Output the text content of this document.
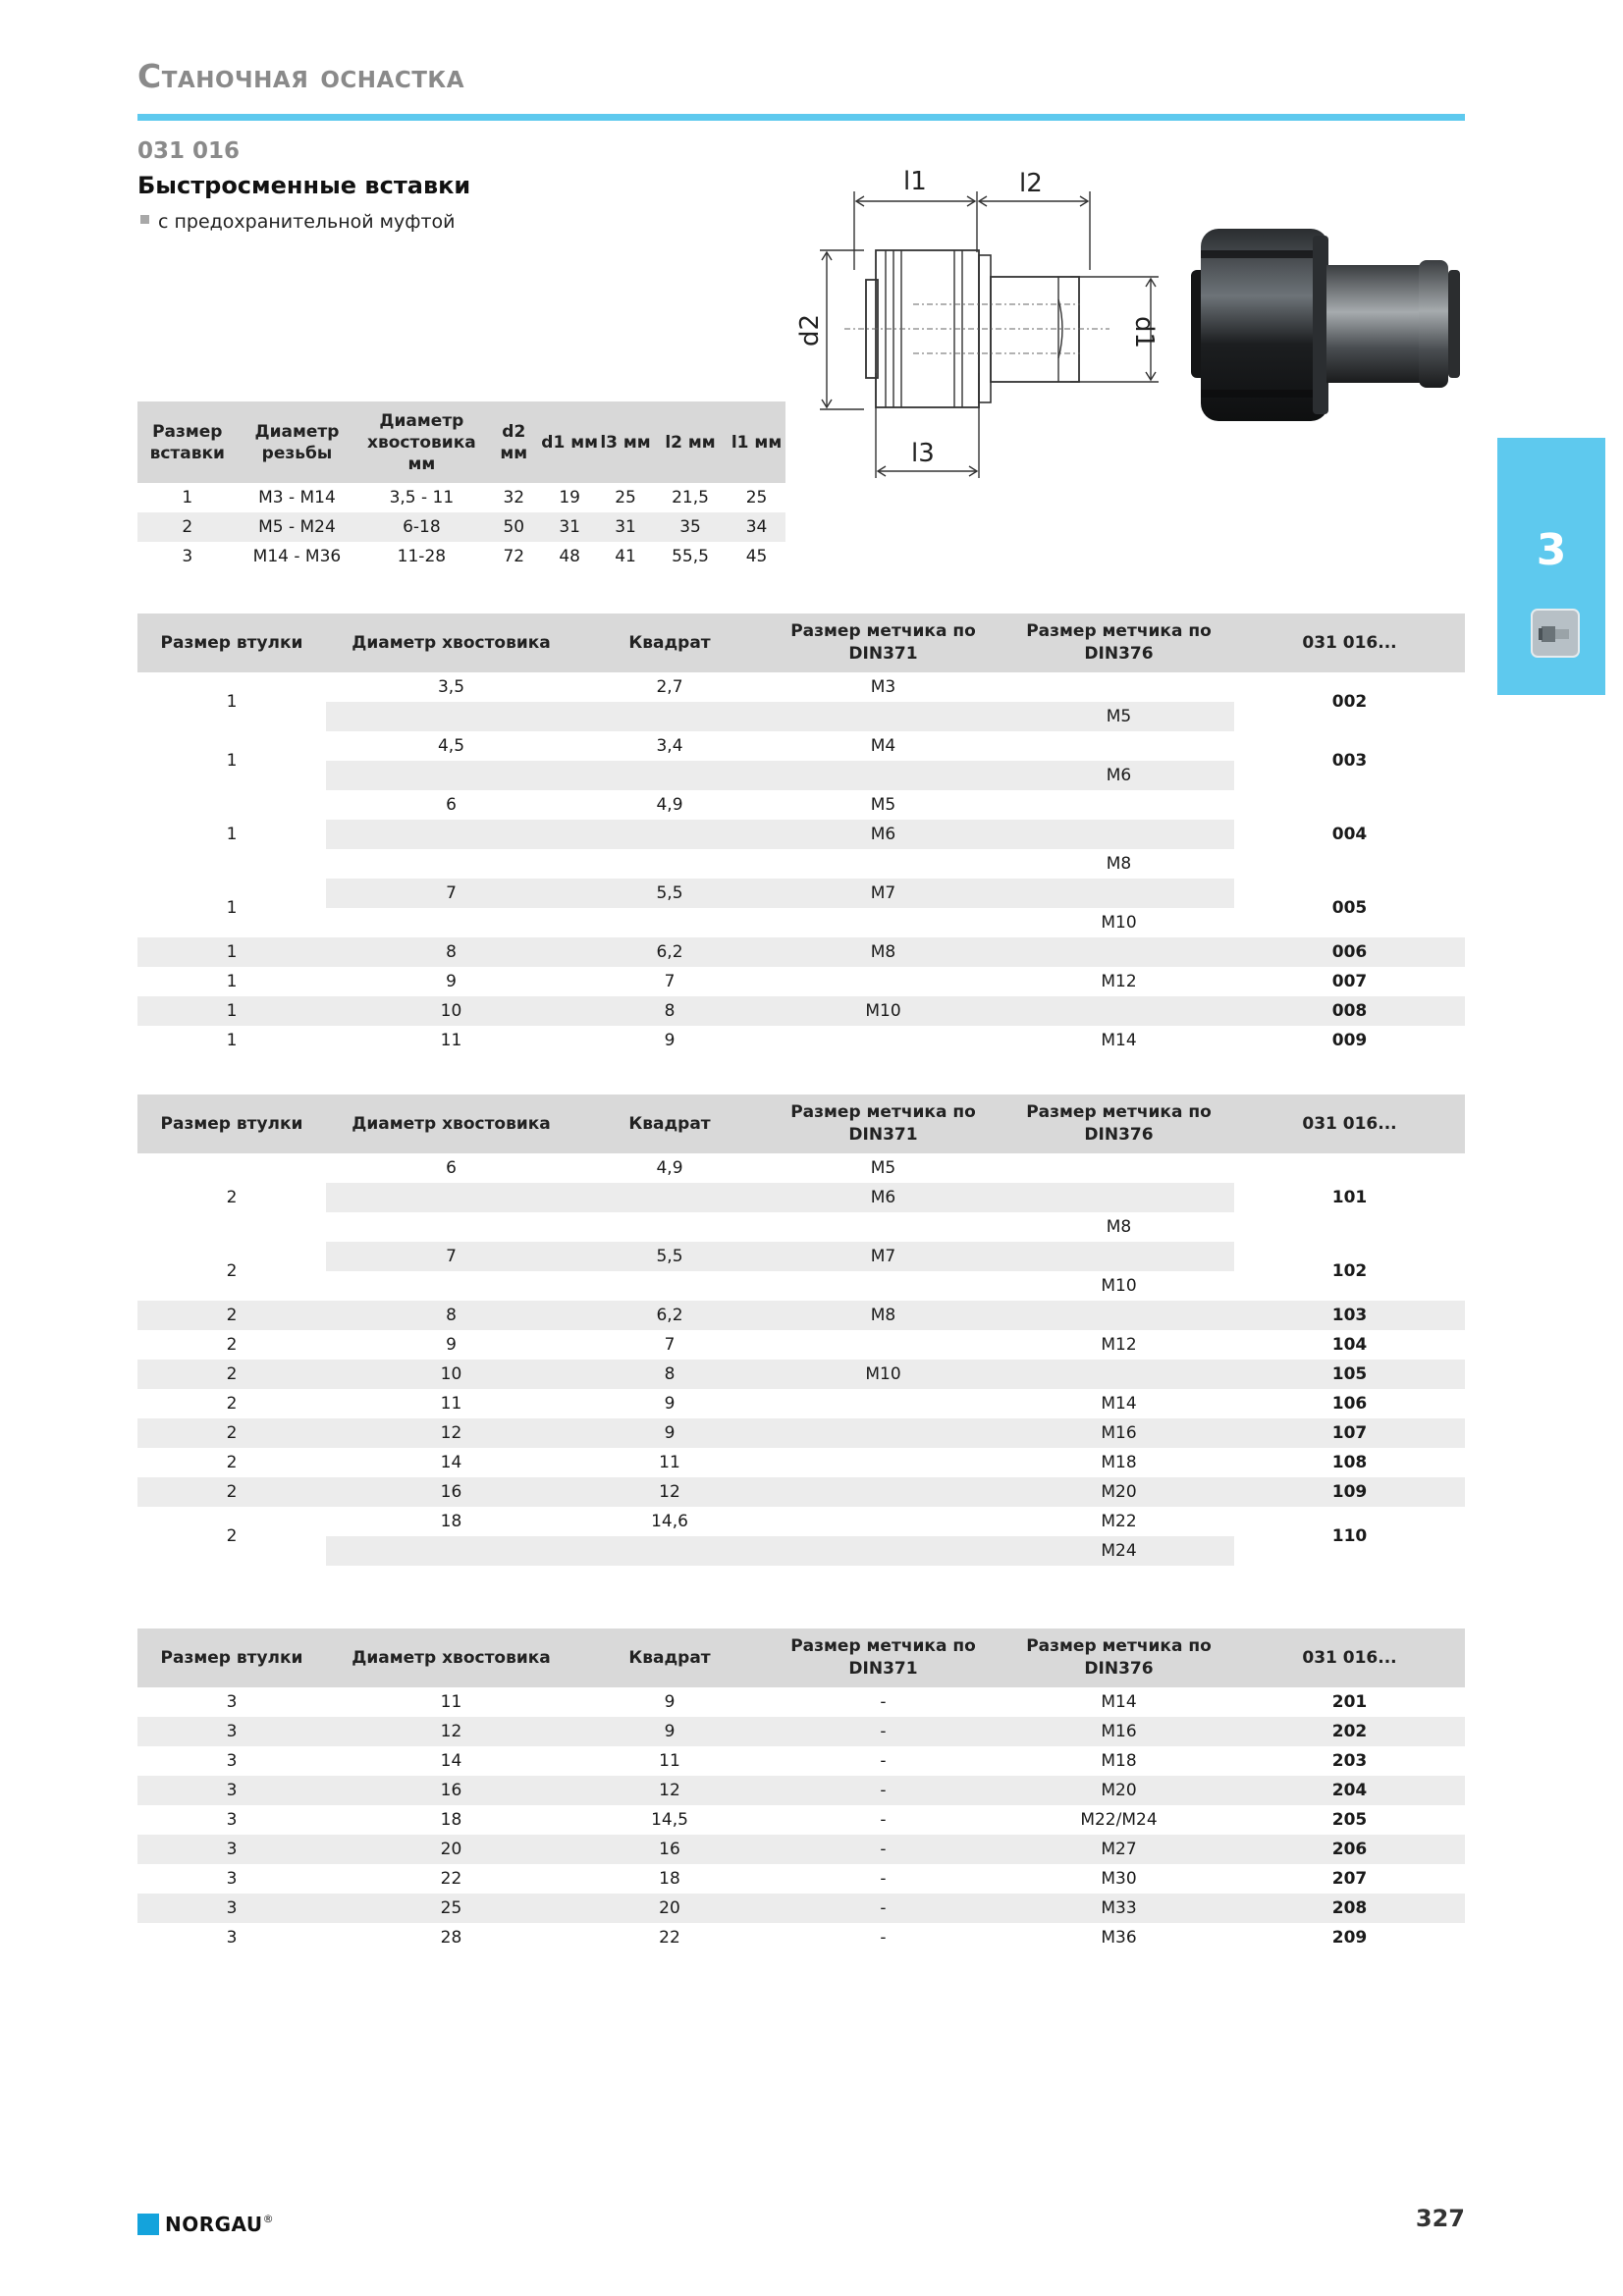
Станочная оснастка
031 016
Быстросменные вставки
с предохранительной муфтой
l1	l2
l3
d2	d1
3
Размер вставки	Диаметр резьбы	Диаметр хвостовика мм	d2 мм	d1 мм	l3 мм	l2 мм	l1 мм
1	M3 - M14	3,5 - 11	32	19	25	21,5	25
2	M5 - M24	6-18	50	31	31	35	34
3	M14 - M36	11-28	72	48	41	55,5	45
Размер втулки	Диаметр хвостовика	Квадрат	Размер метчика по DIN371	Размер метчика по DIN376	031 016...
1	3,5	2,7	M3		002
				M5	
1	4,5	3,4	M4		003
				M6	
1	6	4,9	M5		004
			M6		
				M8	
1	7	5,5	M7		005
				M10	
1	8	6,2	M8		006
1	9	7		M12	007
1	10	8	M10		008
1	11	9		M14	009
Размер втулки	Диаметр хвостовика	Квадрат	Размер метчика по DIN371	Размер метчика по DIN376	031 016...
2	6	4,9	M5		101
			M6		
				M8	
2	7	5,5	M7		102
				M10	
2	8	6,2	M8		103
2	9	7		M12	104
2	10	8	M10		105
2	11	9		M14	106
2	12	9		M16	107
2	14	11		M18	108
2	16	12		M20	109
2	18	14,6		M22	110
				M24	
Размер втулки	Диаметр хвостовика	Квадрат	Размер метчика по DIN371	Размер метчика по DIN376	031 016...
3	11	9	-	M14	201
3	12	9	-	M16	202
3	14	11	-	M18	203
3	16	12	-	M20	204
3	18	14,5	-	M22/M24	205
3	20	16	-	M27	206
3	22	18	-	M30	207
3	25	20	-	M33	208
3	28	22	-	M36	209
NORGAU®	327
